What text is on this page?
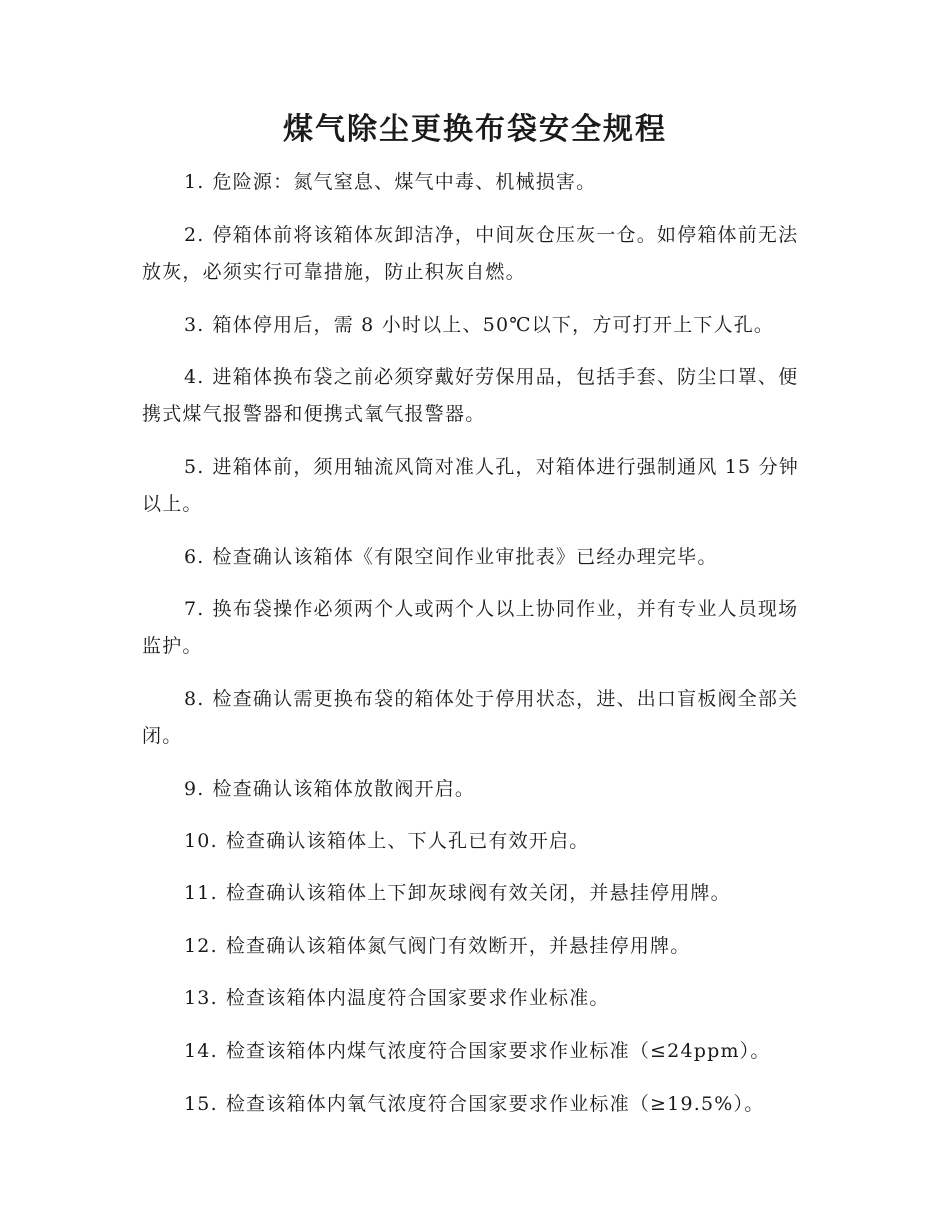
煤气除尘更换布袋安全规程

1. 危险源：氮气窒息、煤气中毒、机械损害。

2. 停箱体前将该箱体灰卸洁净，中间灰仓压灰一仓。如停箱体前无法放灰，必须实行可靠措施，防止积灰自燃。

3. 箱体停用后，需 8 小时以上、50℃以下，方可打开上下人孔。

4. 进箱体换布袋之前必须穿戴好劳保用品，包括手套、防尘口罩、便携式煤气报警器和便携式氧气报警器。

5. 进箱体前，须用轴流风筒对准人孔，对箱体进行强制通风 15 分钟以上。

6. 检查确认该箱体《有限空间作业审批表》已经办理完毕。

7. 换布袋操作必须两个人或两个人以上协同作业，并有专业人员现场监护。

8. 检查确认需更换布袋的箱体处于停用状态，进、出口盲板阀全部关闭。

9. 检查确认该箱体放散阀开启。

10. 检查确认该箱体上、下人孔已有效开启。

11. 检查确认该箱体上下卸灰球阀有效关闭，并悬挂停用牌。

12. 检查确认该箱体氮气阀门有效断开，并悬挂停用牌。

13. 检查该箱体内温度符合国家要求作业标准。

14. 检查该箱体内煤气浓度符合国家要求作业标准（≤24ppm）。

15. 检查该箱体内氧气浓度符合国家要求作业标准（≥19.5%）。
